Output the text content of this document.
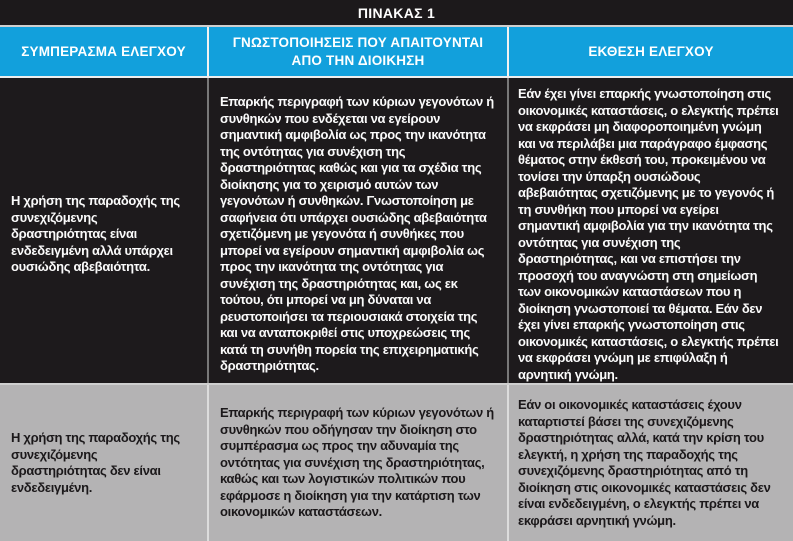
ΠΙΝΑΚΑΣ 1
ΣΥΜΠΕΡΑΣΜΑ ΕΛΕΓΧΟΥ
ΓΝΩΣΤΟΠΟΙΗΣΕΙΣ ΠΟΥ ΑΠΑΙΤΟΥΝΤΑΙ ΑΠΟ ΤΗΝ ΔΙΟΙΚΗΣΗ
ΕΚΘΕΣΗ ΕΛΕΓΧΟΥ

Η χρήση της παραδοχής της συνεχιζόμενης δραστηριότητας είναι ενδεδειγμένη αλλά υπάρχει ουσιώδης αβεβαιότητα.

Επαρκής περιγραφή των κύριων γεγονότων ή συνθηκών που ενδέχεται να εγείρουν σημαντική αμφιβολία ως προς την ικανότητα της οντότητας για συνέχιση της δραστηριότητας καθώς και για τα σχέδια της διοίκησης για το χειρισμό αυτών των γεγονότων ή συνθηκών. Γνωστοποίηση με σαφήνεια ότι υπάρχει ουσιώδης αβεβαιότητα σχετιζόμενη με γεγονότα ή συνθήκες που μπορεί να εγείρουν σημαντική αμφιβολία ως προς την ικανότητα της οντότητας για συνέχιση της δραστηριότητας και, ως εκ τούτου, ότι μπορεί να μη δύναται να ρευστοποιήσει τα περιουσιακά στοιχεία της και να ανταποκριθεί στις υποχρεώσεις της κατά τη συνήθη πορεία της επιχειρηματικής δραστηριότητας.

Εάν έχει γίνει επαρκής γνωστοποίηση στις οικονομικές καταστάσεις, ο ελεγκτής πρέπει να εκφράσει μη διαφοροποιημένη γνώμη και να περιλάβει μια παράγραφο έμφασης θέματος στην έκθεσή του, προκειμένου να τονίσει την ύπαρξη ουσιώδους αβεβαιότητας σχετιζόμενης με το γεγονός ή τη συνθήκη που μπορεί να εγείρει σημαντική αμφιβολία για την ικανότητα της οντότητας για συνέχιση της δραστηριότητας, και να επιστήσει την προσοχή του αναγνώστη στη σημείωση των οικονομικών καταστάσεων που η διοίκηση γνωστοποιεί τα θέματα. Εάν δεν έχει γίνει επαρκής γνωστοποίηση στις οικονομικές καταστάσεις, ο ελεγκτής πρέπει να εκφράσει γνώμη με επιφύλαξη ή αρνητική γνώμη.

Η χρήση της παραδοχής της συνεχιζόμενης δραστηριότητας δεν είναι ενδεδειγμένη.

Επαρκής περιγραφή των κύριων γεγονότων ή συνθηκών που οδήγησαν την διοίκηση στο συμπέρασμα ως προς την αδυναμία της οντότητας για συνέχιση της δραστηριότητας, καθώς και των λογιστικών πολιτικών που εφάρμοσε η διοίκηση για την κατάρτιση των οικονομικών καταστάσεων.

Εάν οι οικονομικές καταστάσεις έχουν καταρτιστεί βάσει της συνεχιζόμενης δραστηριότητας αλλά, κατά την κρίση του ελεγκτή, η χρήση της παραδοχής της συνεχιζόμενης δραστηριότητας από τη διοίκηση στις οικονομικές καταστάσεις δεν είναι ενδεδειγμένη, ο ελεγκτής πρέπει να εκφράσει αρνητική γνώμη.
